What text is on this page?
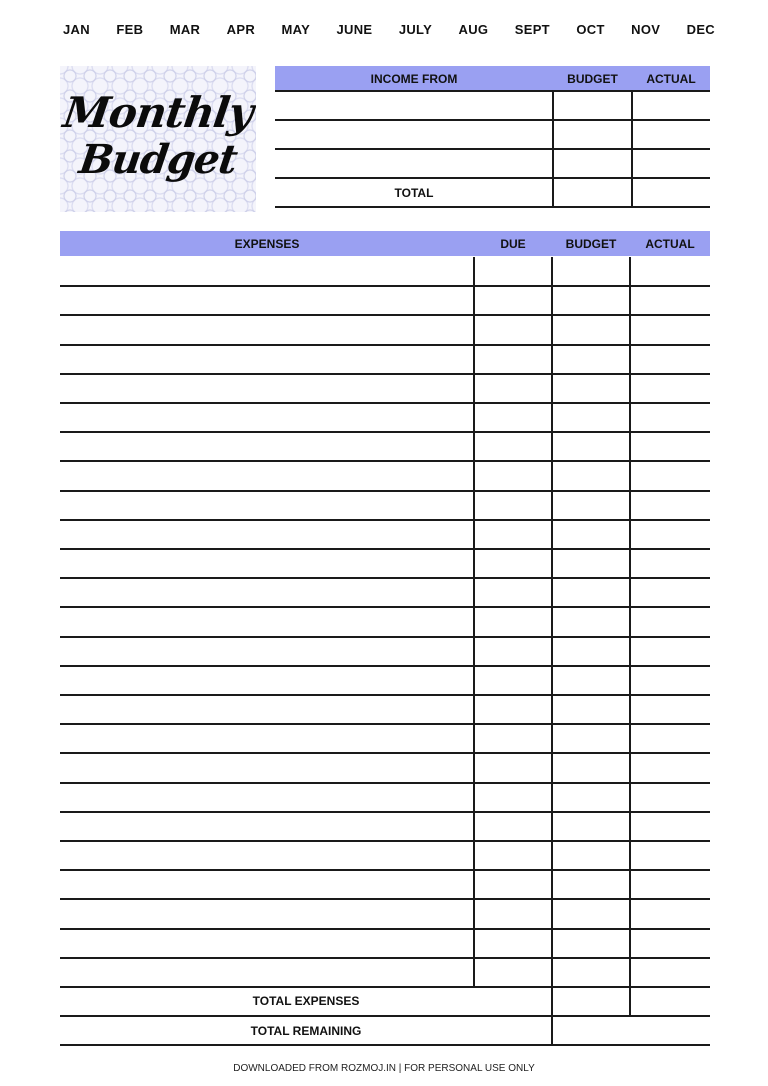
JAN	FEB	MAR	APR	MAY	JUNE	JULY	AUG	SEPT	OCT	NOV	DEC
Monthly
Budget
INCOME FROM	BUDGET	ACTUAL
TOTAL
EXPENSES	DUE	BUDGET	ACTUAL
TOTAL EXPENSES
TOTAL REMAINING
DOWNLOADED FROM ROZMOJ.IN | FOR PERSONAL USE ONLY
